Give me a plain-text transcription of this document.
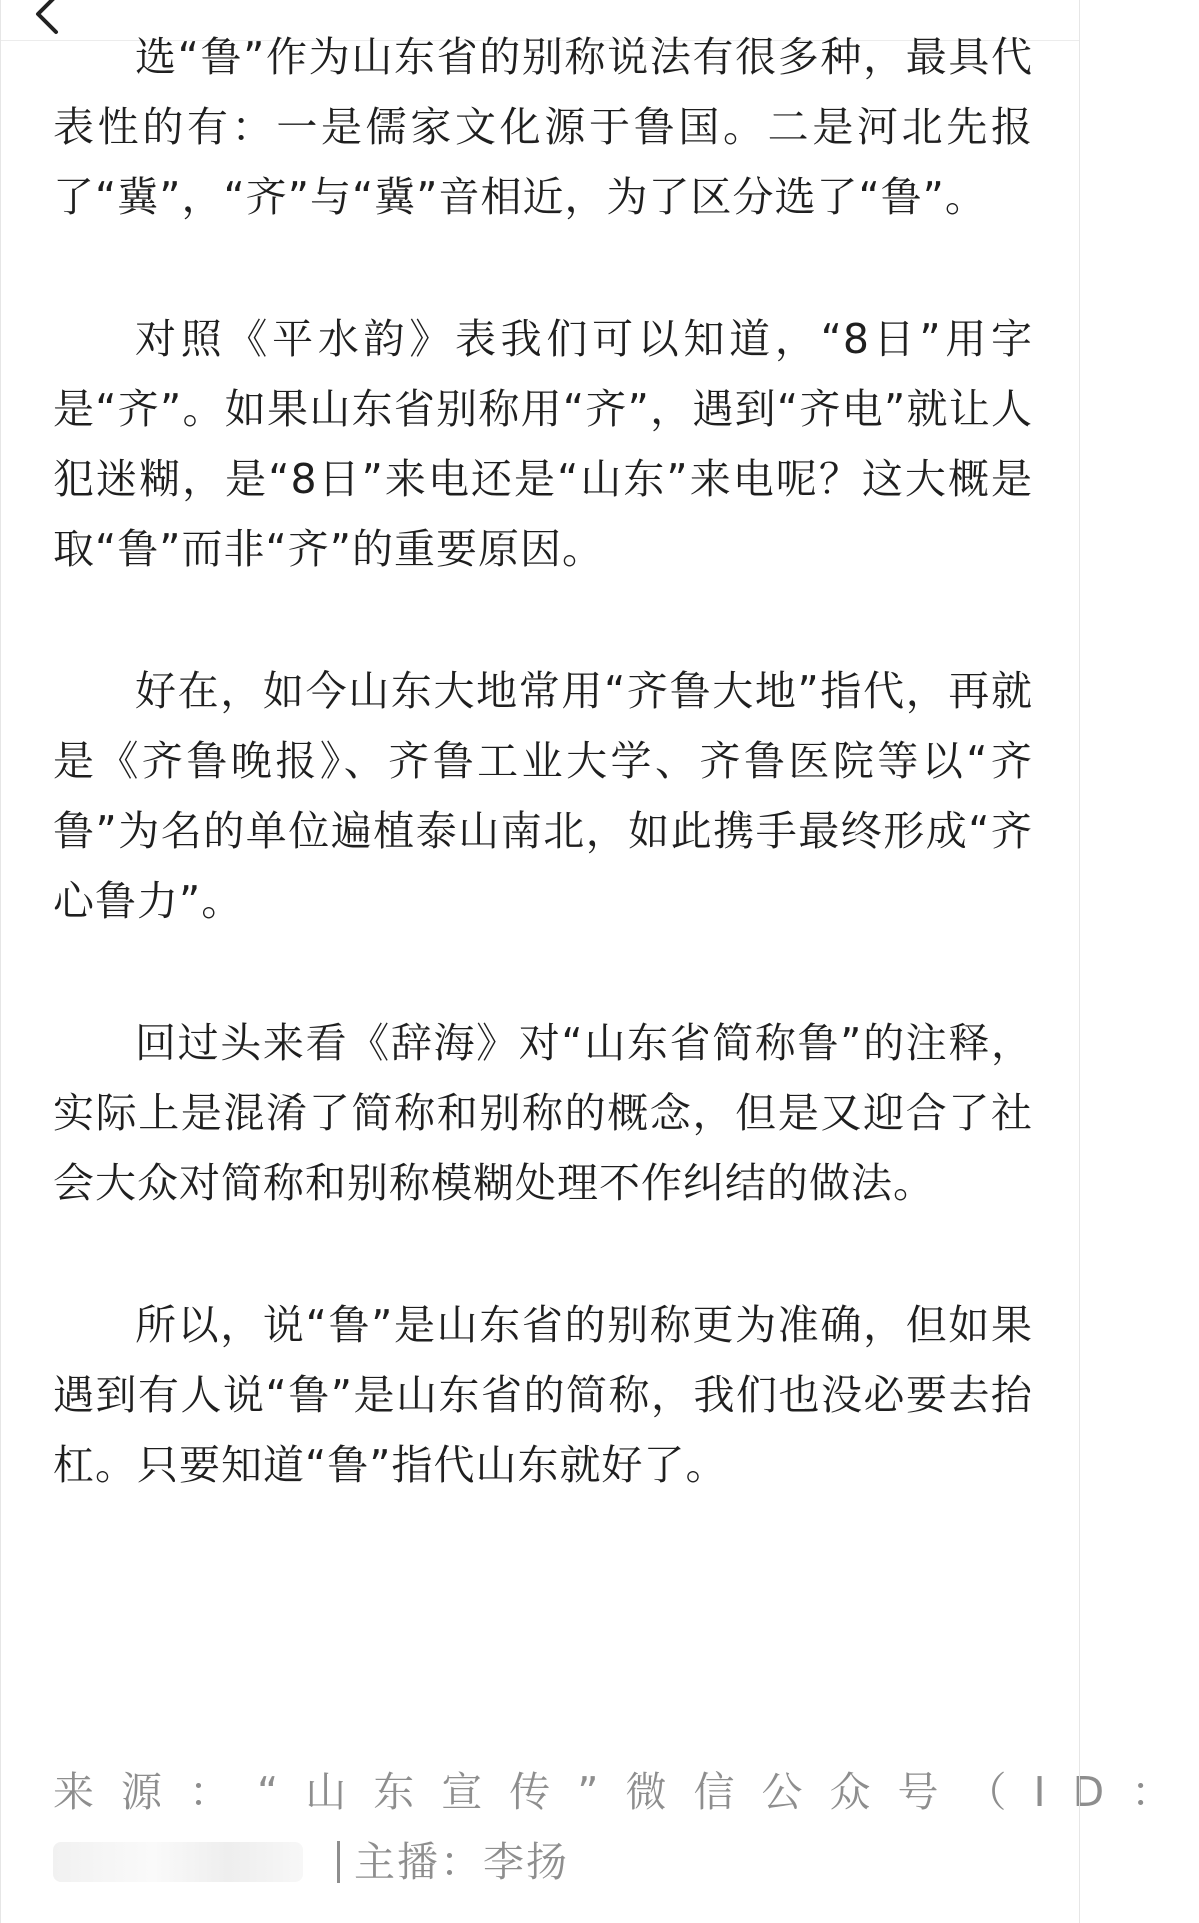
选“鲁”作为山东省的别称说法有很多种，最具代表性的有：一是儒家文化源于鲁国。二是河北先报了“冀”，“齐”与“冀”音相近，为了区分选了“鲁”。

对照《平水韵》表我们可以知道，“8日”用字是“齐”。如果山东省别称用“齐”，遇到“齐电”就让人犯迷糊，是“8日”来电还是“山东”来电呢？这大概是取“鲁”而非“齐”的重要原因。

好在，如今山东大地常用“齐鲁大地”指代，再就是《齐鲁晚报》、齐鲁工业大学、齐鲁医院等以“齐鲁”为名的单位遍植泰山南北，如此携手最终形成“齐心鲁力”。

回过头来看《辞海》对“山东省简称鲁”的注释，实际上是混淆了简称和别称的概念，但是又迎合了社会大众对简称和别称模糊处理不作纠结的做法。

所以，说“鲁”是山东省的别称更为准确，但如果遇到有人说“鲁”是山东省的简称，我们也没必要去抬杠。只要知道“鲁”指代山东就好了。

来源：“山东宣传”微信公众号（ID：
主播：李扬
